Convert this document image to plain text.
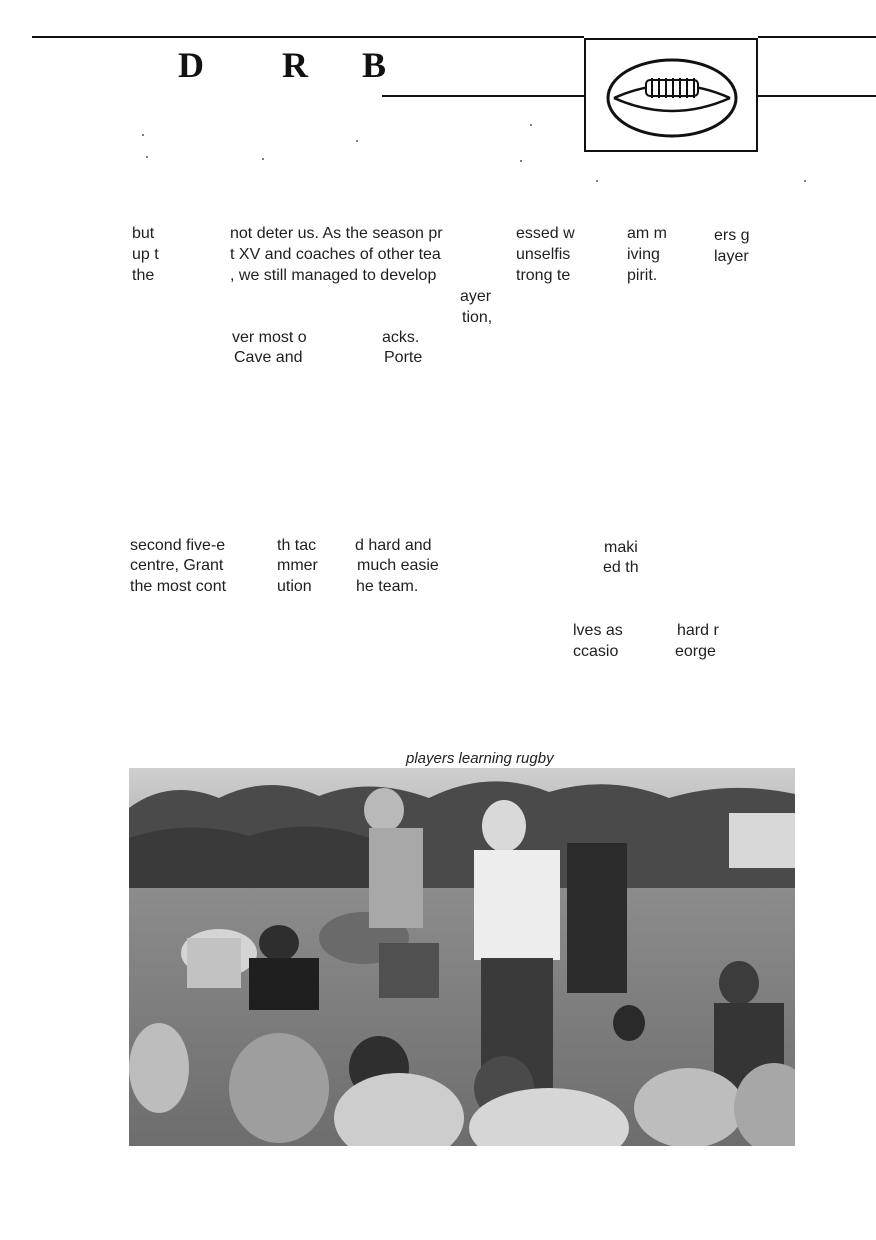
D R B
but
up t
the
not deter us. As the season pr
t XV and coaches of other tea
, we still managed to develop
ayer
tion,
essed w
unselfis
trong te
am m
iving
pirit.
ers g
layer
ver most o
Cave and
acks.
Porte
second five-e
centre, Grant
the most cont
th tac
mmer
ution
d hard and
much easie
he team.
maki
ed th
lves as
ccasio
hard r
eorge
players learning rugby
